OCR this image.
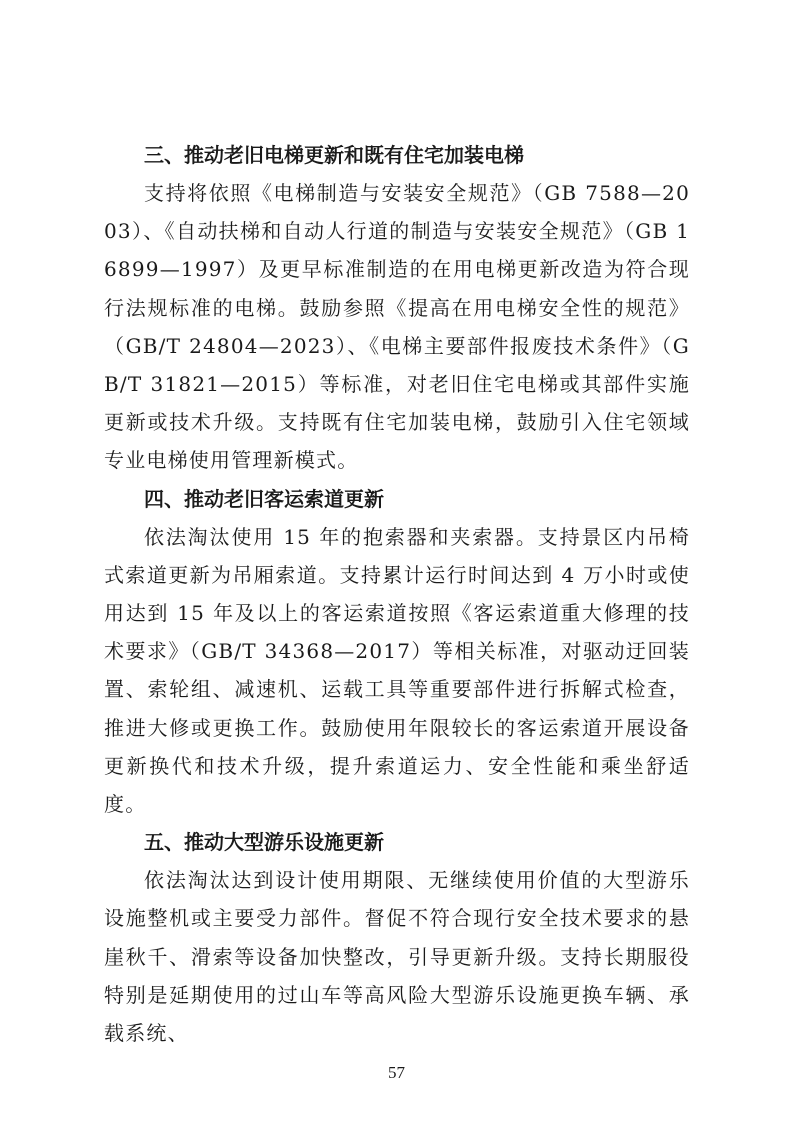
三、推动老旧电梯更新和既有住宅加装电梯

支持将依照《电梯制造与安装安全规范》（GB 7588—2003）、《自动扶梯和自动人行道的制造与安装安全规范》（GB 16899—1997）及更早标准制造的在用电梯更新改造为符合现行法规标准的电梯。鼓励参照《提高在用电梯安全性的规范》（GB/T 24804—2023）、《电梯主要部件报废技术条件》（GB/T 31821—2015）等标准，对老旧住宅电梯或其部件实施更新或技术升级。支持既有住宅加装电梯，鼓励引入住宅领域专业电梯使用管理新模式。

四、推动老旧客运索道更新

依法淘汰使用 15 年的抱索器和夹索器。支持景区内吊椅式索道更新为吊厢索道。支持累计运行时间达到 4 万小时或使用达到 15 年及以上的客运索道按照《客运索道重大修理的技术要求》（GB/T 34368—2017）等相关标准，对驱动迂回装置、索轮组、减速机、运载工具等重要部件进行拆解式检查，推进大修或更换工作。鼓励使用年限较长的客运索道开展设备更新换代和技术升级，提升索道运力、安全性能和乘坐舒适度。

五、推动大型游乐设施更新

依法淘汰达到设计使用期限、无继续使用价值的大型游乐设施整机或主要受力部件。督促不符合现行安全技术要求的悬崖秋千、滑索等设备加快整改，引导更新升级。支持长期服役特别是延期使用的过山车等高风险大型游乐设施更换车辆、承载系统、

57
